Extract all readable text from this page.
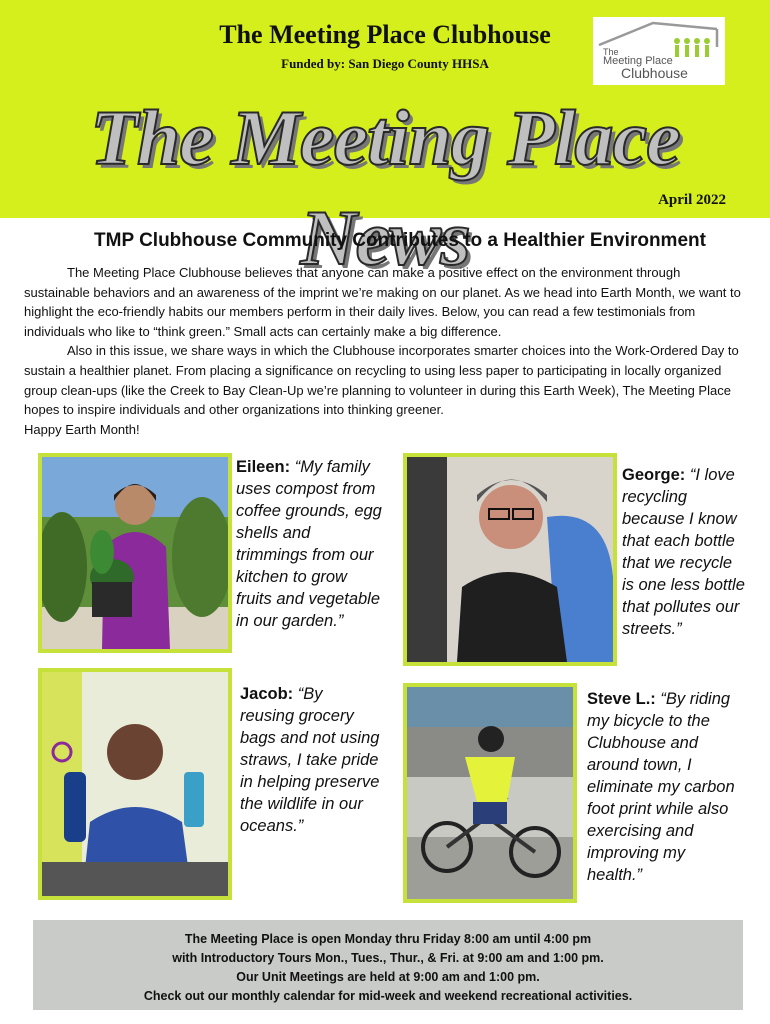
The Meeting Place Clubhouse
Funded by: San Diego County HHSA
The
Meeting Place
Clubhouse
The Meeting Place News	April 2022
TMP Clubhouse Community Contributes to a Healthier Environment

The Meeting Place Clubhouse believes that anyone can make a positive effect on the environment through sustainable behaviors and an awareness of the imprint we’re making on our planet. As we head into Earth Month, we want to highlight the eco-friendly habits our members perform in their daily lives. Below, you can read a few testimonials from individuals who like to “think green.” Small acts can certainly make a big difference.

Also in this issue, we share ways in which the Clubhouse incorporates smarter choices into the Work-Ordered Day to sustain a healthier planet. From placing a significance on recycling to using less paper to participating in locally organized group clean-ups (like the Creek to Bay Clean-Up we’re planning to volunteer in during this Earth Week), The Meeting Place hopes to inspire individuals and other organizations into thinking greener.

Happy Earth Month!

Eileen: “My family uses compost from coffee grounds, egg shells and trimmings from our kitchen to grow fruits and vegetable in our garden.”
George: “I love recycling because I know that each bottle that we recycle is one less bottle that pollutes our streets.”
Jacob: “By reusing grocery bags and not using straws, I take pride in helping preserve the wildlife in our oceans.”
Steve L.: “By riding my bicycle to the Clubhouse and around town, I eliminate my carbon foot print while also exercising and improving my health.”
The Meeting Place is open Monday thru Friday 8:00 am until 4:00 pm
with Introductory Tours Mon., Tues., Thur., & Fri. at 9:00 am and 1:00 pm.
Our Unit Meetings are held at 9:00 am and 1:00 pm.
Check out our monthly calendar for mid-week and weekend recreational activities.
